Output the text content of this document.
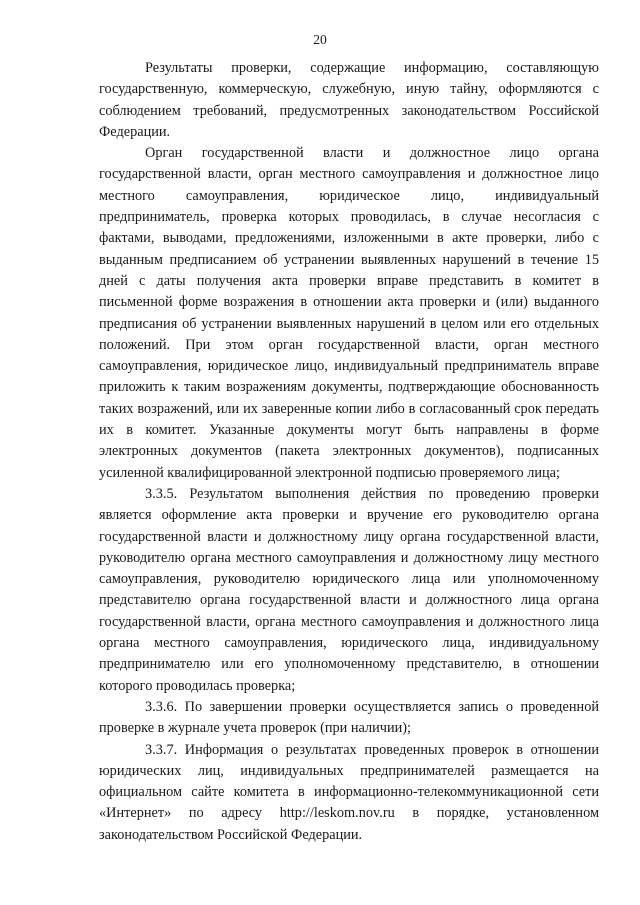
20

Результаты проверки, содержащие информацию, составляющую государственную, коммерческую, служебную, иную тайну, оформляются с соблюдением требований, предусмотренных законодательством Российской Федерации.

Орган государственной власти и должностное лицо органа государственной власти, орган местного самоуправления и должностное лицо местного самоуправления, юридическое лицо, индивидуальный предприниматель, проверка которых проводилась, в случае несогласия с фактами, выводами, предложениями, изложенными в акте проверки, либо с выданным предписанием об устранении выявленных нарушений в течение 15 дней с даты получения акта проверки вправе представить в комитет в письменной форме возражения в отношении акта проверки и (или) выданного предписания об устранении выявленных нарушений в целом или его отдельных положений. При этом орган государственной власти, орган местного самоуправления, юридическое лицо, индивидуальный предприниматель вправе приложить к таким возражениям документы, подтверждающие обоснованность таких возражений, или их заверенные копии либо в согласованный срок передать их в комитет. Указанные документы могут быть направлены в форме электронных документов (пакета электронных документов), подписанных усиленной квалифицированной электронной подписью проверяемого лица;

3.3.5. Результатом выполнения действия по проведению проверки является оформление акта проверки и вручение его руководителю органа государственной власти и должностному лицу органа государственной власти, руководителю органа местного самоуправления и должностному лицу местного самоуправления, руководителю юридического лица или уполномоченному представителю органа государственной власти и должностного лица органа государственной власти, органа местного самоуправления и должностного лица органа местного самоуправления, юридического лица, индивидуальному предпринимателю или его уполномоченному представителю, в отношении которого проводилась проверка;

3.3.6. По завершении проверки осуществляется запись о проведенной проверке в журнале учета проверок (при наличии);

3.3.7. Информация о результатах проведенных проверок в отношении юридических лиц, индивидуальных предпринимателей размещается на официальном сайте комитета в информационно-телекоммуникационной сети «Интернет» по адресу http://leskom.nov.ru в порядке, установленном законодательством Российской Федерации.
